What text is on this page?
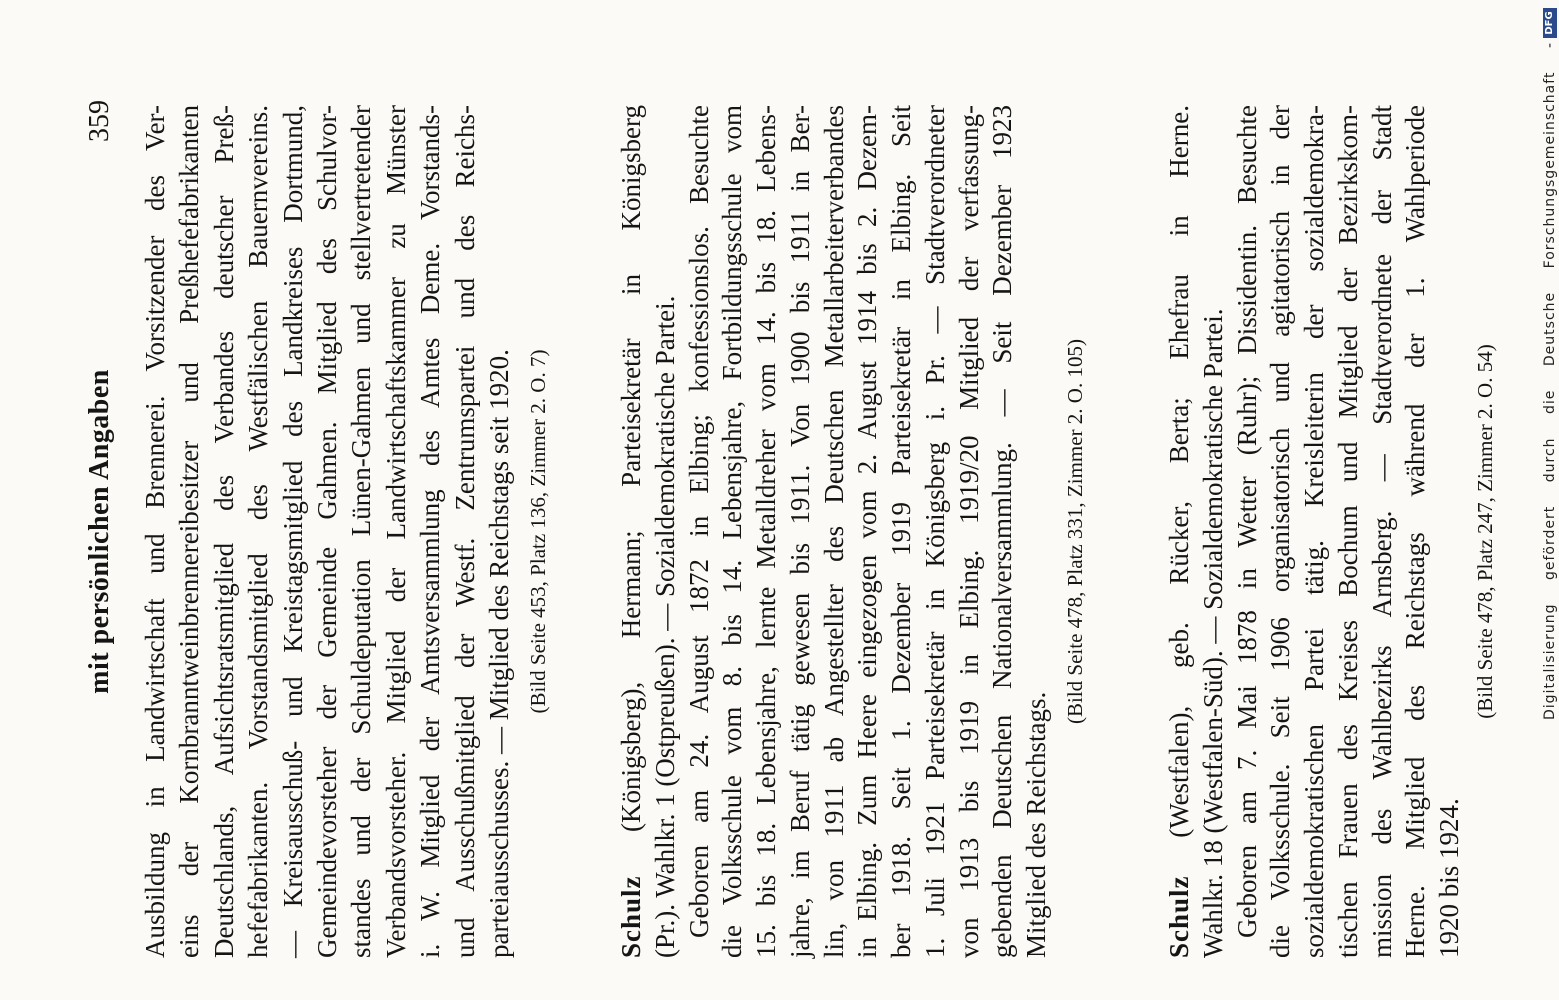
mit persönlichen Angaben
359 Ausbildung in Landwirtschaft und Brennerei. Vorsitzender des Ver- eins der Kornbranntweinbrennereibesitzer und Preßhefefabrikanten Deutschlands, Aufsichtsratsmitglied des Verbandes deutscher Preß- hefefabrikanten. Vorstandsmitglied des Westfälischen Bauernvereins. — Kreisausschuß- und Kreistagsmitglied des Landkreises Dortmund, Gemeindevorsteher der Gemeinde Gahmen. Mitglied des Schulvor- standes und der Schuldeputation Lünen-Gahmen und stellvertretender Verbandsvorsteher. Mitglied der Landwirtschaftskammer zu Münster i. W. Mitglied der Amtsversammlung des Amtes Deme. Vorstands- und Ausschußmitglied der Westf. Zentrumspartei und des Reichs- parteiausschusses. — Mitglied des Reichstags seit 1920. (Bild Seite 453, Platz 136, Zimmer 2. O. 7)
Schulz (Königsberg), Hermann; Parteisekretär in Königsberg (Pr.). Wahlkr. 1 (Ostpreußen). — Sozialdemokratische Partei. Geboren am 24. August 1872 in Elbing; konfessionslos. Besuchte die Volksschule vom 8. bis 14. Lebensjahre, Fortbildungsschule vom 15. bis 18. Lebensjahre, lernte Metalldreher vom 14. bis 18. Lebens- jahre, im Beruf tätig gewesen bis 1911. Von 1900 bis 1911 in Ber- lin, von 1911 ab Angestellter des Deutschen Metallarbeiterverbandes in Elbing. Zum Heere eingezogen vom 2. August 1914 bis 2. Dezem- ber 1918. Seit 1. Dezember 1919 Parteisekretär in Elbing. Seit 1. Juli 1921 Parteisekretär in Königsberg i. Pr. — Stadtverordneter von 1913 bis 1919 in Elbing. 1919/20 Mitglied der verfassung- gebenden Deutschen Nationalversammlung. — Seit Dezember 1923 Mitglied des Reichstags.
(Bild Seite 478, Platz 331, Zimmer 2. O. 105)
Schulz (Westfalen), geb. Rücker, Berta; Ehefrau in Herne. Wahlkr. 18 (Westfalen-Süd). — Sozialdemokratische Partei. Geboren am 7. Mai 1878 in Wetter (Ruhr); Dissidentin. Besuchte die Volksschule. Seit 1906 organisatorisch und agitatorisch in der sozialdemokratischen Partei tätig. Kreisleiterin der sozialdemokra- tischen Frauen des Kreises Bochum und Mitglied der Bezirkskom- mission des Wahlbezirks Arnsberg. — Stadtverordnete der Stadt Herne. Mitglied des Reichstags während der 1. Wahlperiode 1920 bis 1924.
(Bild Seite 478, Platz 247, Zimmer 2. O. 54)	Digitalisierung gefördert durch die Deutsche Forschungsgemeinschaft -
DFG
